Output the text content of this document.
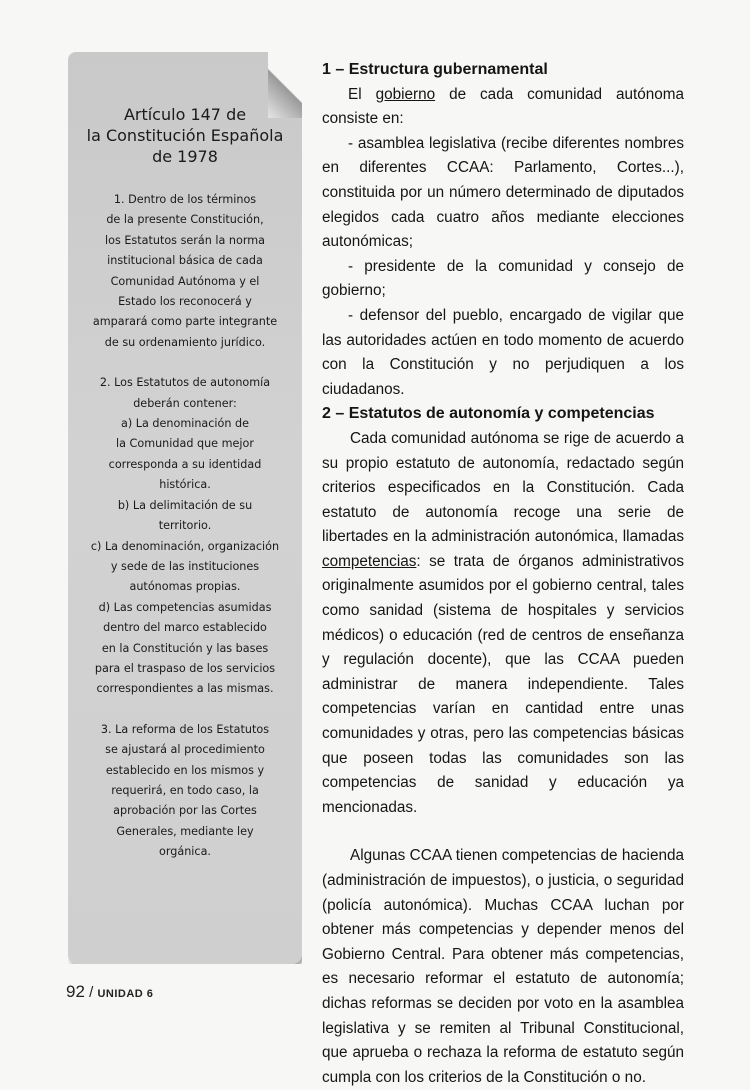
Artículo 147 de
la Constitución Española
de 1978

1. Dentro de los términos

de la presente Constitución,

los Estatutos serán la norma

institucional básica de cada

Comunidad Autónoma y el

Estado los reconocerá y

amparará como parte integrante

de su ordenamiento jurídico.

2. Los Estatutos de autonomía

deberán contener:

a) La denominación de

la Comunidad que mejor

corresponda a su identidad

histórica.

b) La delimitación de su

territorio.

c) La denominación, organización

y sede de las instituciones

autónomas propias.

d) Las competencias asumidas

dentro del marco establecido

en la Constitución y las bases

para el traspaso de los servicios

correspondientes a las mismas.

3. La reforma de los Estatutos

se ajustará al procedimiento

establecido en los mismos y

requerirá, en todo caso, la

aprobación por las Cortes

Generales, mediante ley

orgánica.

1 – Estructura gubernamental

El gobierno de cada comunidad autónoma consiste en:

- asamblea legislativa (recibe diferentes nombres en diferentes CCAA: Parlamento, Cortes...), constituida por un número determinado de diputados elegidos cada cuatro años mediante elecciones autonómicas;

- presidente de la comunidad y consejo de gobierno;

- defensor del pueblo, encargado de vigilar que las autoridades actúen en todo momento de acuerdo con la Constitución y no perjudiquen a los ciudadanos.

2 – Estatutos de autonomía y competencias

Cada comunidad autónoma se rige de acuerdo a su propio estatuto de autonomía, redactado según criterios especificados en la Constitución. Cada estatuto de autonomía recoge una serie de libertades en la administración autonómica, llamadas competencias: se trata de órganos administrativos originalmente asumidos por el gobierno central, tales como sanidad (sistema de hospitales y servicios médicos) o educación (red de centros de enseñanza y regulación docente), que las CCAA pueden administrar de manera independiente. Tales competencias varían en cantidad entre unas comunidades y otras, pero las competencias básicas que poseen todas las comunidades son las competencias de sanidad y educación ya mencionadas.

Algunas CCAA tienen competencias de hacienda (administración de impuestos), o justicia, o seguridad (policía autonómica). Muchas CCAA luchan por obtener más competencias y depender menos del Gobierno Central. Para obtener más competencias, es necesario reformar el estatuto de autonomía; dichas reformas se deciden por voto en la asamblea legislativa y se remiten al Tribunal Constitucional, que aprueba o rechaza la reforma de estatuto según cumpla con los criterios de la Constitución o no.

92 / UNIDAD 6
